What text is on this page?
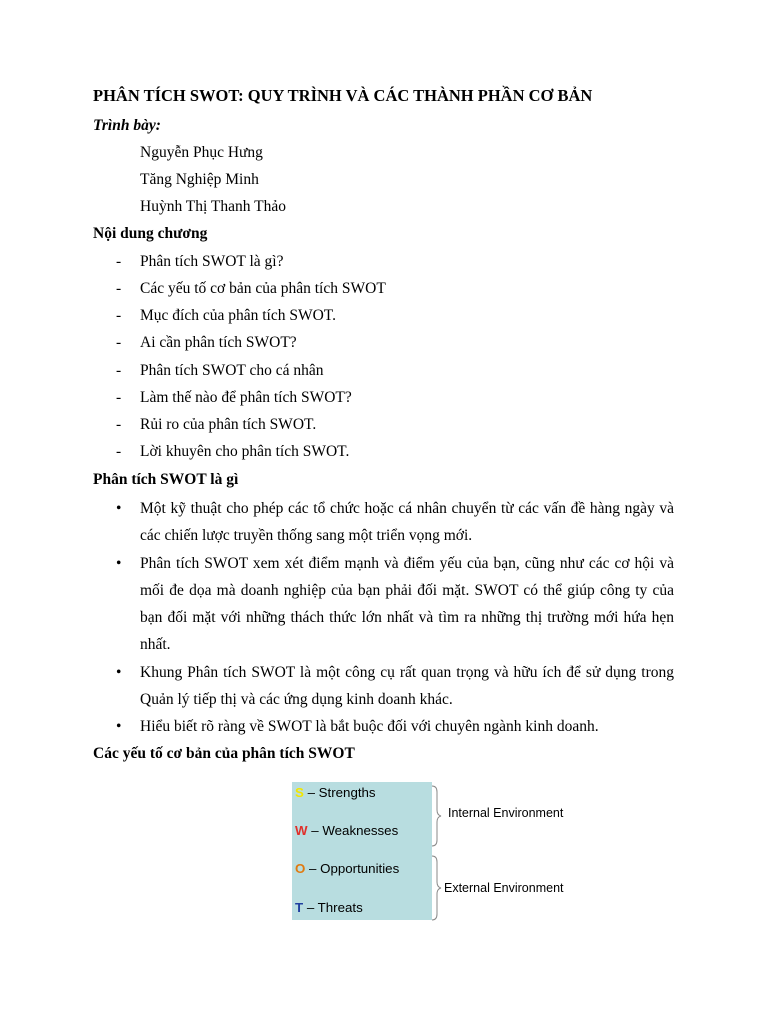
PHÂN TÍCH SWOT: QUY TRÌNH VÀ CÁC THÀNH PHẦN CƠ BẢN
Trình bày:
Nguyễn Phục Hưng
Tăng Nghiệp Minh
Huỳnh Thị Thanh Thảo
Nội dung chương
- Phân tích SWOT là gì?
- Các yếu tố cơ bản của phân tích SWOT
- Mục đích của phân tích SWOT.
- Ai cần phân tích SWOT?
- Phân tích SWOT cho cá nhân
- Làm thế nào để phân tích SWOT?
- Rủi ro của phân tích SWOT.
- Lời khuyên cho phân tích SWOT.
Phân tích SWOT là gì
• Một kỹ thuật cho phép các tổ chức hoặc cá nhân chuyển từ các vấn đề hàng ngày và các chiến lược truyền thống sang một triển vọng mới.
• Phân tích SWOT xem xét điểm mạnh và điểm yếu của bạn, cũng như các cơ hội và mối đe dọa mà doanh nghiệp của bạn phải đối mặt. SWOT có thể giúp công ty của bạn đối mặt với những thách thức lớn nhất và tìm ra những thị trường mới hứa hẹn nhất.
• Khung Phân tích SWOT là một công cụ rất quan trọng và hữu ích để sử dụng trong Quản lý tiếp thị và các ứng dụng kinh doanh khác.
• Hiểu biết rõ ràng về SWOT là bắt buộc đối với chuyên ngành kinh doanh.
Các yếu tố cơ bản của phân tích SWOT
S – Strengths
W – Weaknesses
O – Opportunities
T – Threats
Internal Environment
External Environment
